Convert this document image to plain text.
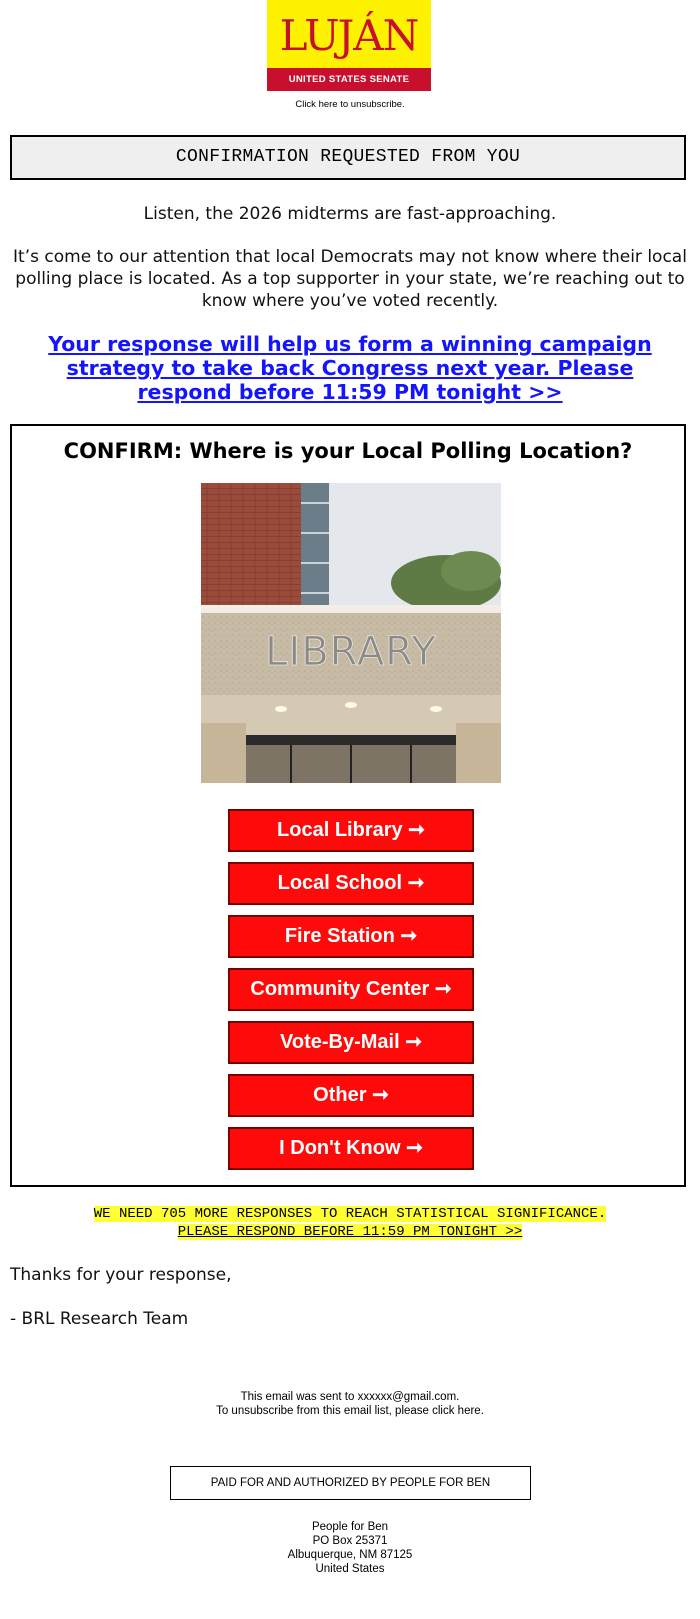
LUJÁN
UNITED STATES SENATE
Click here to unsubscribe.
CONFIRMATION REQUESTED FROM YOU
Listen, the 2026 midterms are fast-approaching.
It’s come to our attention that local Democrats may not know where their local polling place is located. As a top supporter in your state, we’re reaching out to know where you’ve voted recently.
Your response will help us form a winning campaign strategy to take back Congress next year. Please respond before 11:59 PM tonight >>
CONFIRM: Where is your Local Polling Location?
LIBRARY
Local Library ➞
Local School ➞
Fire Station ➞
Community Center ➞
Vote-By-Mail ➞
Other ➞
I Don't Know ➞
WE NEED 705 MORE RESPONSES TO REACH STATISTICAL SIGNIFICANCE.
PLEASE RESPOND BEFORE 11:59 PM TONIGHT >>
Thanks for your response,
- BRL Research Team
This email was sent to xxxxxx@gmail.com.
To unsubscribe from this email list, please click here.
PAID FOR AND AUTHORIZED BY PEOPLE FOR BEN
People for Ben
PO Box 25371
Albuquerque, NM 87125
United States
